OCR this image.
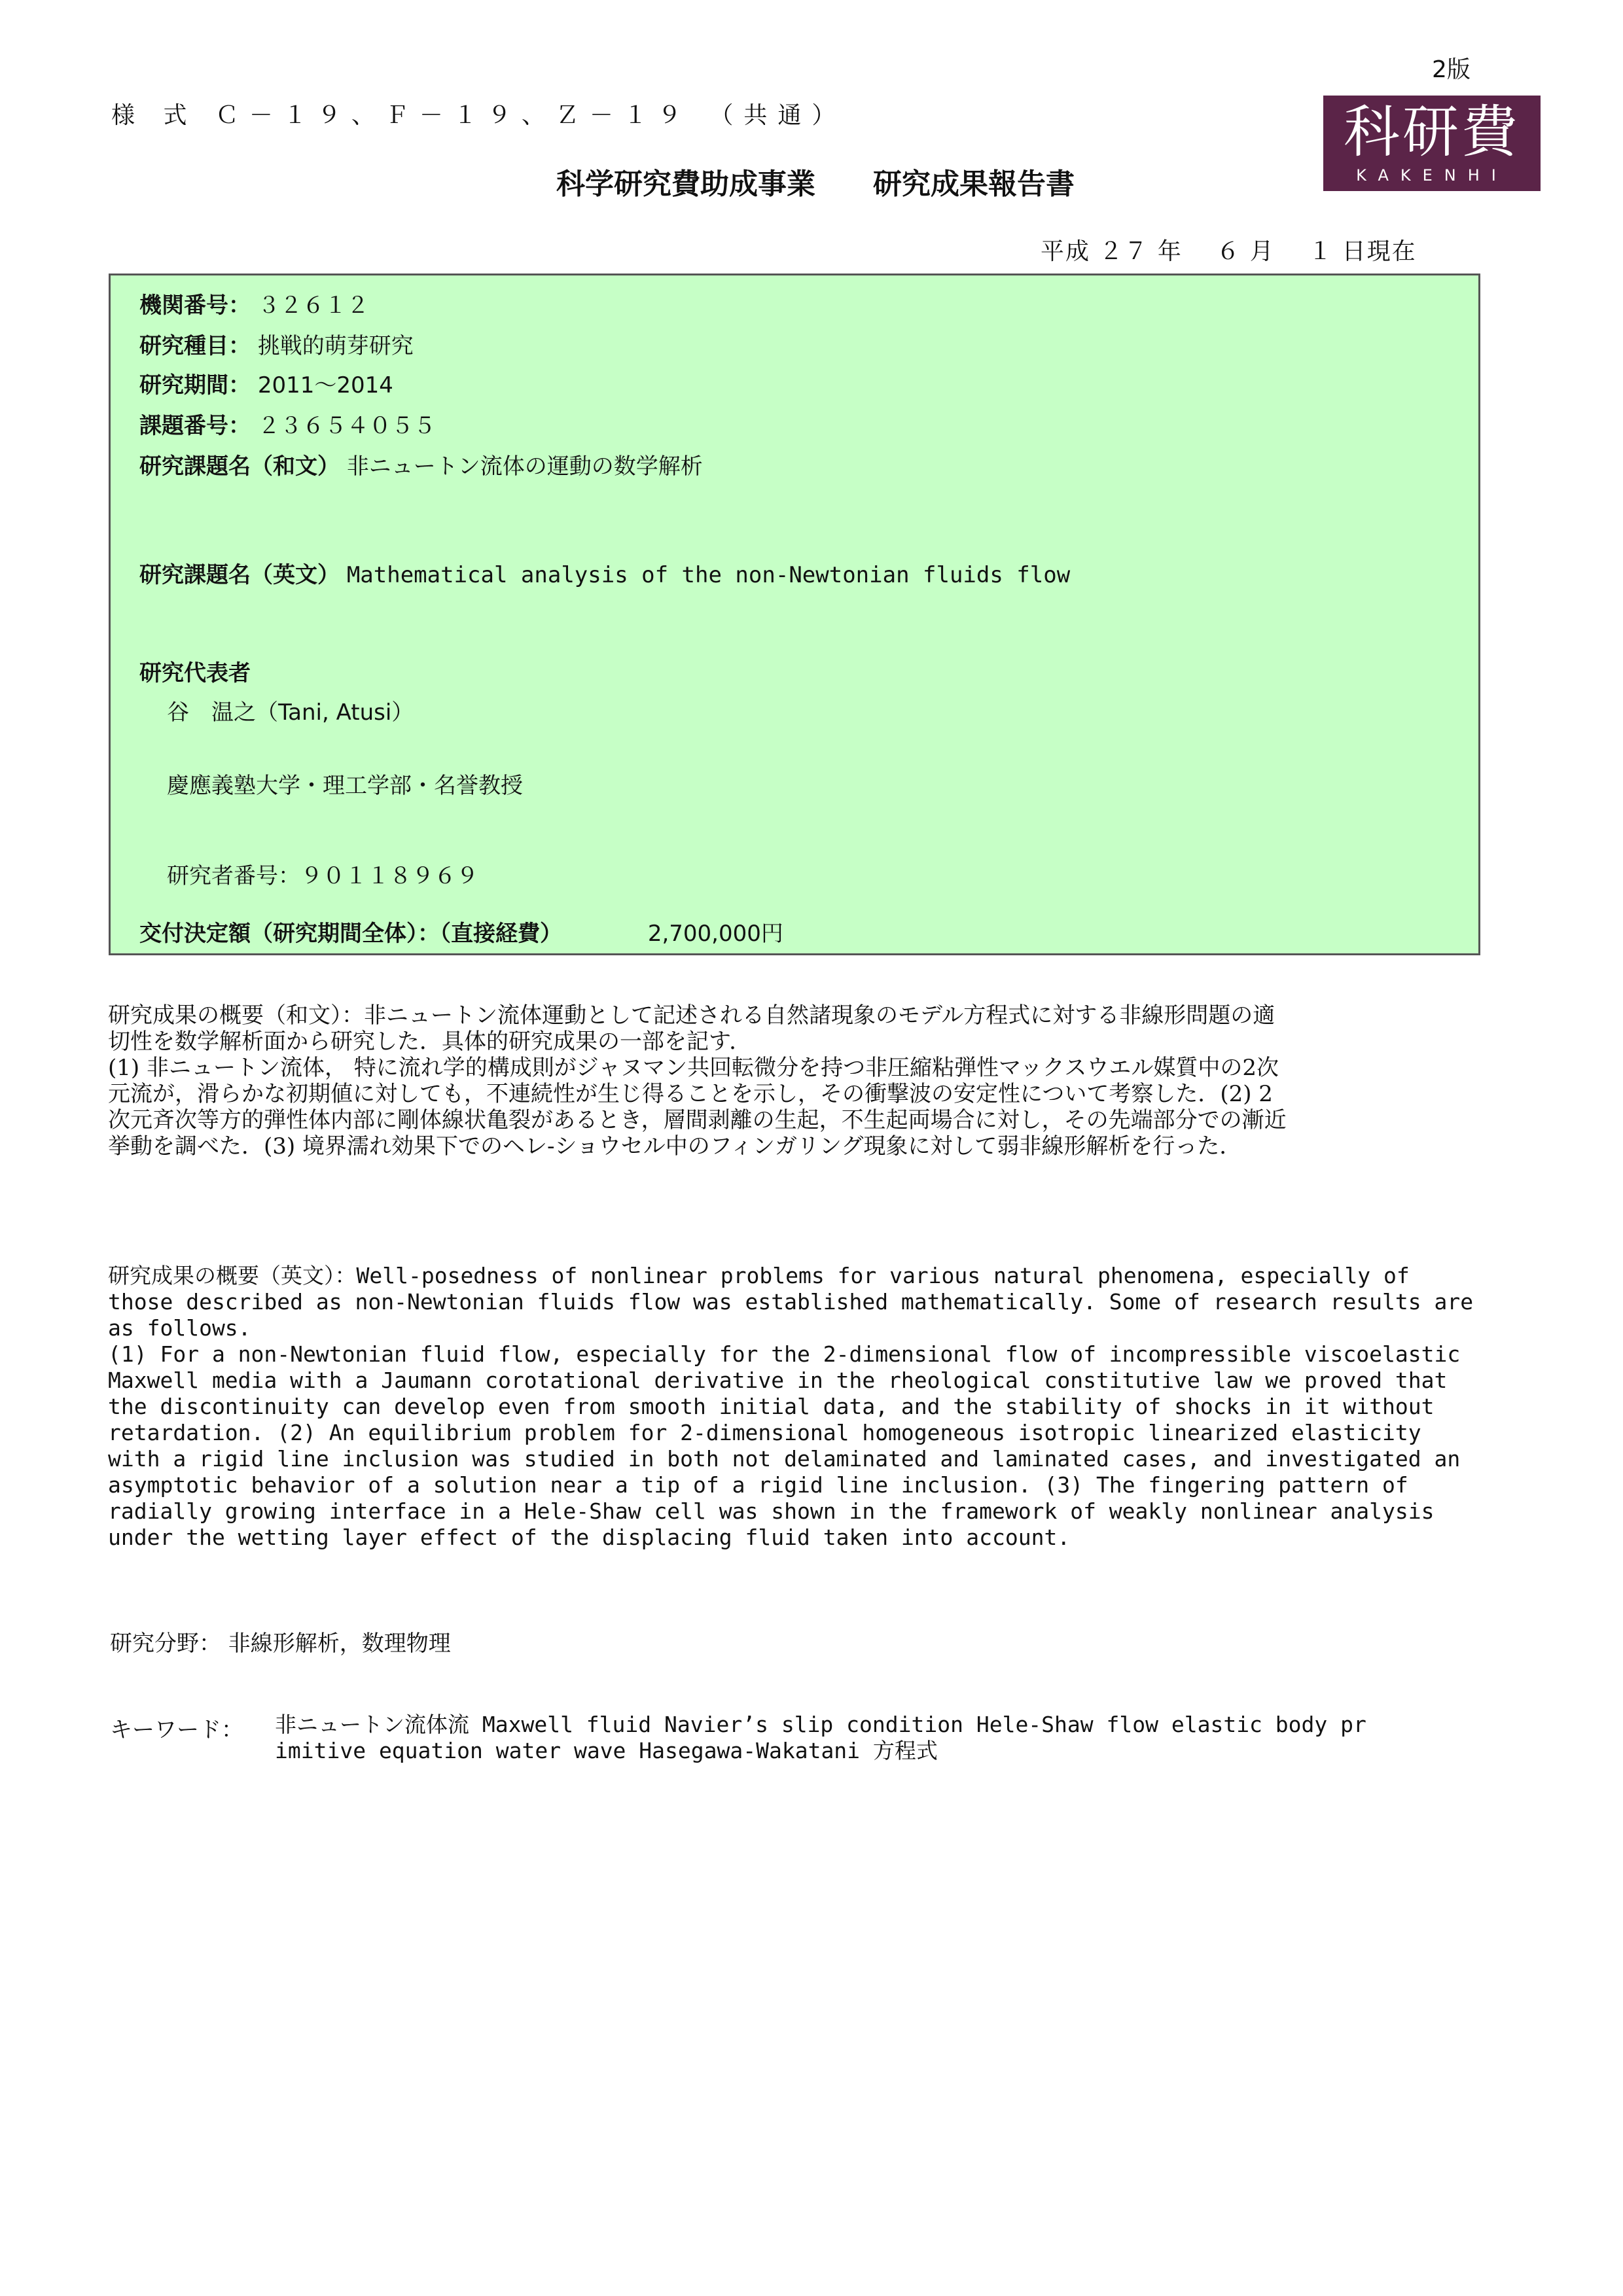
2版
様 式 Ｃ－１９、Ｆ－１９、Ｚ－１９ （共通）
科学研究費助成事業　　研究成果報告書
科研費
KAKENHI
平成 ２７ 年　 ６ 月　 １ 日現在
機関番号： ３２６１２
研究種目： 挑戦的萌芽研究
研究期間： 2011～2014
課題番号： ２３６５４０５５
研究課題名（和文） 非ニュートン流体の運動の数学解析
研究課題名（英文） Mathematical analysis of the non-Newtonian fluids flow
研究代表者
谷　温之（Tani, Atusi）
慶應義塾大学・理工学部・名誉教授
研究者番号：９０１１８９６９
交付決定額（研究期間全体）：（直接経費）	2,700,000円

研究成果の概要（和文）：非ニュートン流体運動として記述される自然諸現象のモデル方程式に対する非線形問題の適

切性を数学解析面から研究した．具体的研究成果の一部を記す．

(1) 非ニュートン流体， 特に流れ学的構成則がジャヌマン共回転微分を持つ非圧縮粘弾性マックスウエル媒質中の2次

元流が，滑らかな初期値に対しても，不連続性が生じ得ることを示し，その衝撃波の安定性について考察した．(2) 2

次元斉次等方的弾性体内部に剛体線状亀裂があるとき，層間剥離の生起，不生起両場合に対し，その先端部分での漸近

挙動を調べた．(3) 境界濡れ効果下でのヘレ-ショウセル中のフィンガリング現象に対して弱非線形解析を行った．

研究成果の概要（英文）：Well-posedness of nonlinear problems for various natural phenomena, especially of

those described as non-Newtonian fluids flow was established mathematically. Some of research results are

as follows.

(1) For a non-Newtonian fluid flow, especially for the 2-dimensional flow of incompressible viscoelastic

Maxwell media with a Jaumann corotational derivative in the rheological constitutive law we proved that

the discontinuity can develop even from smooth initial data, and the stability of shocks in it without

retardation. (2) An equilibrium problem for 2-dimensional homogeneous isotropic linearized elasticity

with a rigid line inclusion was studied in both not delaminated and laminated cases, and investigated an

asymptotic behavior of a solution near a tip of a rigid line inclusion. (3) The fingering pattern of

radially growing interface in a Hele-Shaw cell was shown in the framework of weakly nonlinear analysis

under the wetting layer effect of the displacing fluid taken into account.

研究分野： 非線形解析，数理物理
キーワード： 非ニュートン流体流 Maxwell fluid Navier’s slip condition Hele-Shaw flow elastic body pr

imitive equation water wave Hasegawa-Wakatani 方程式
